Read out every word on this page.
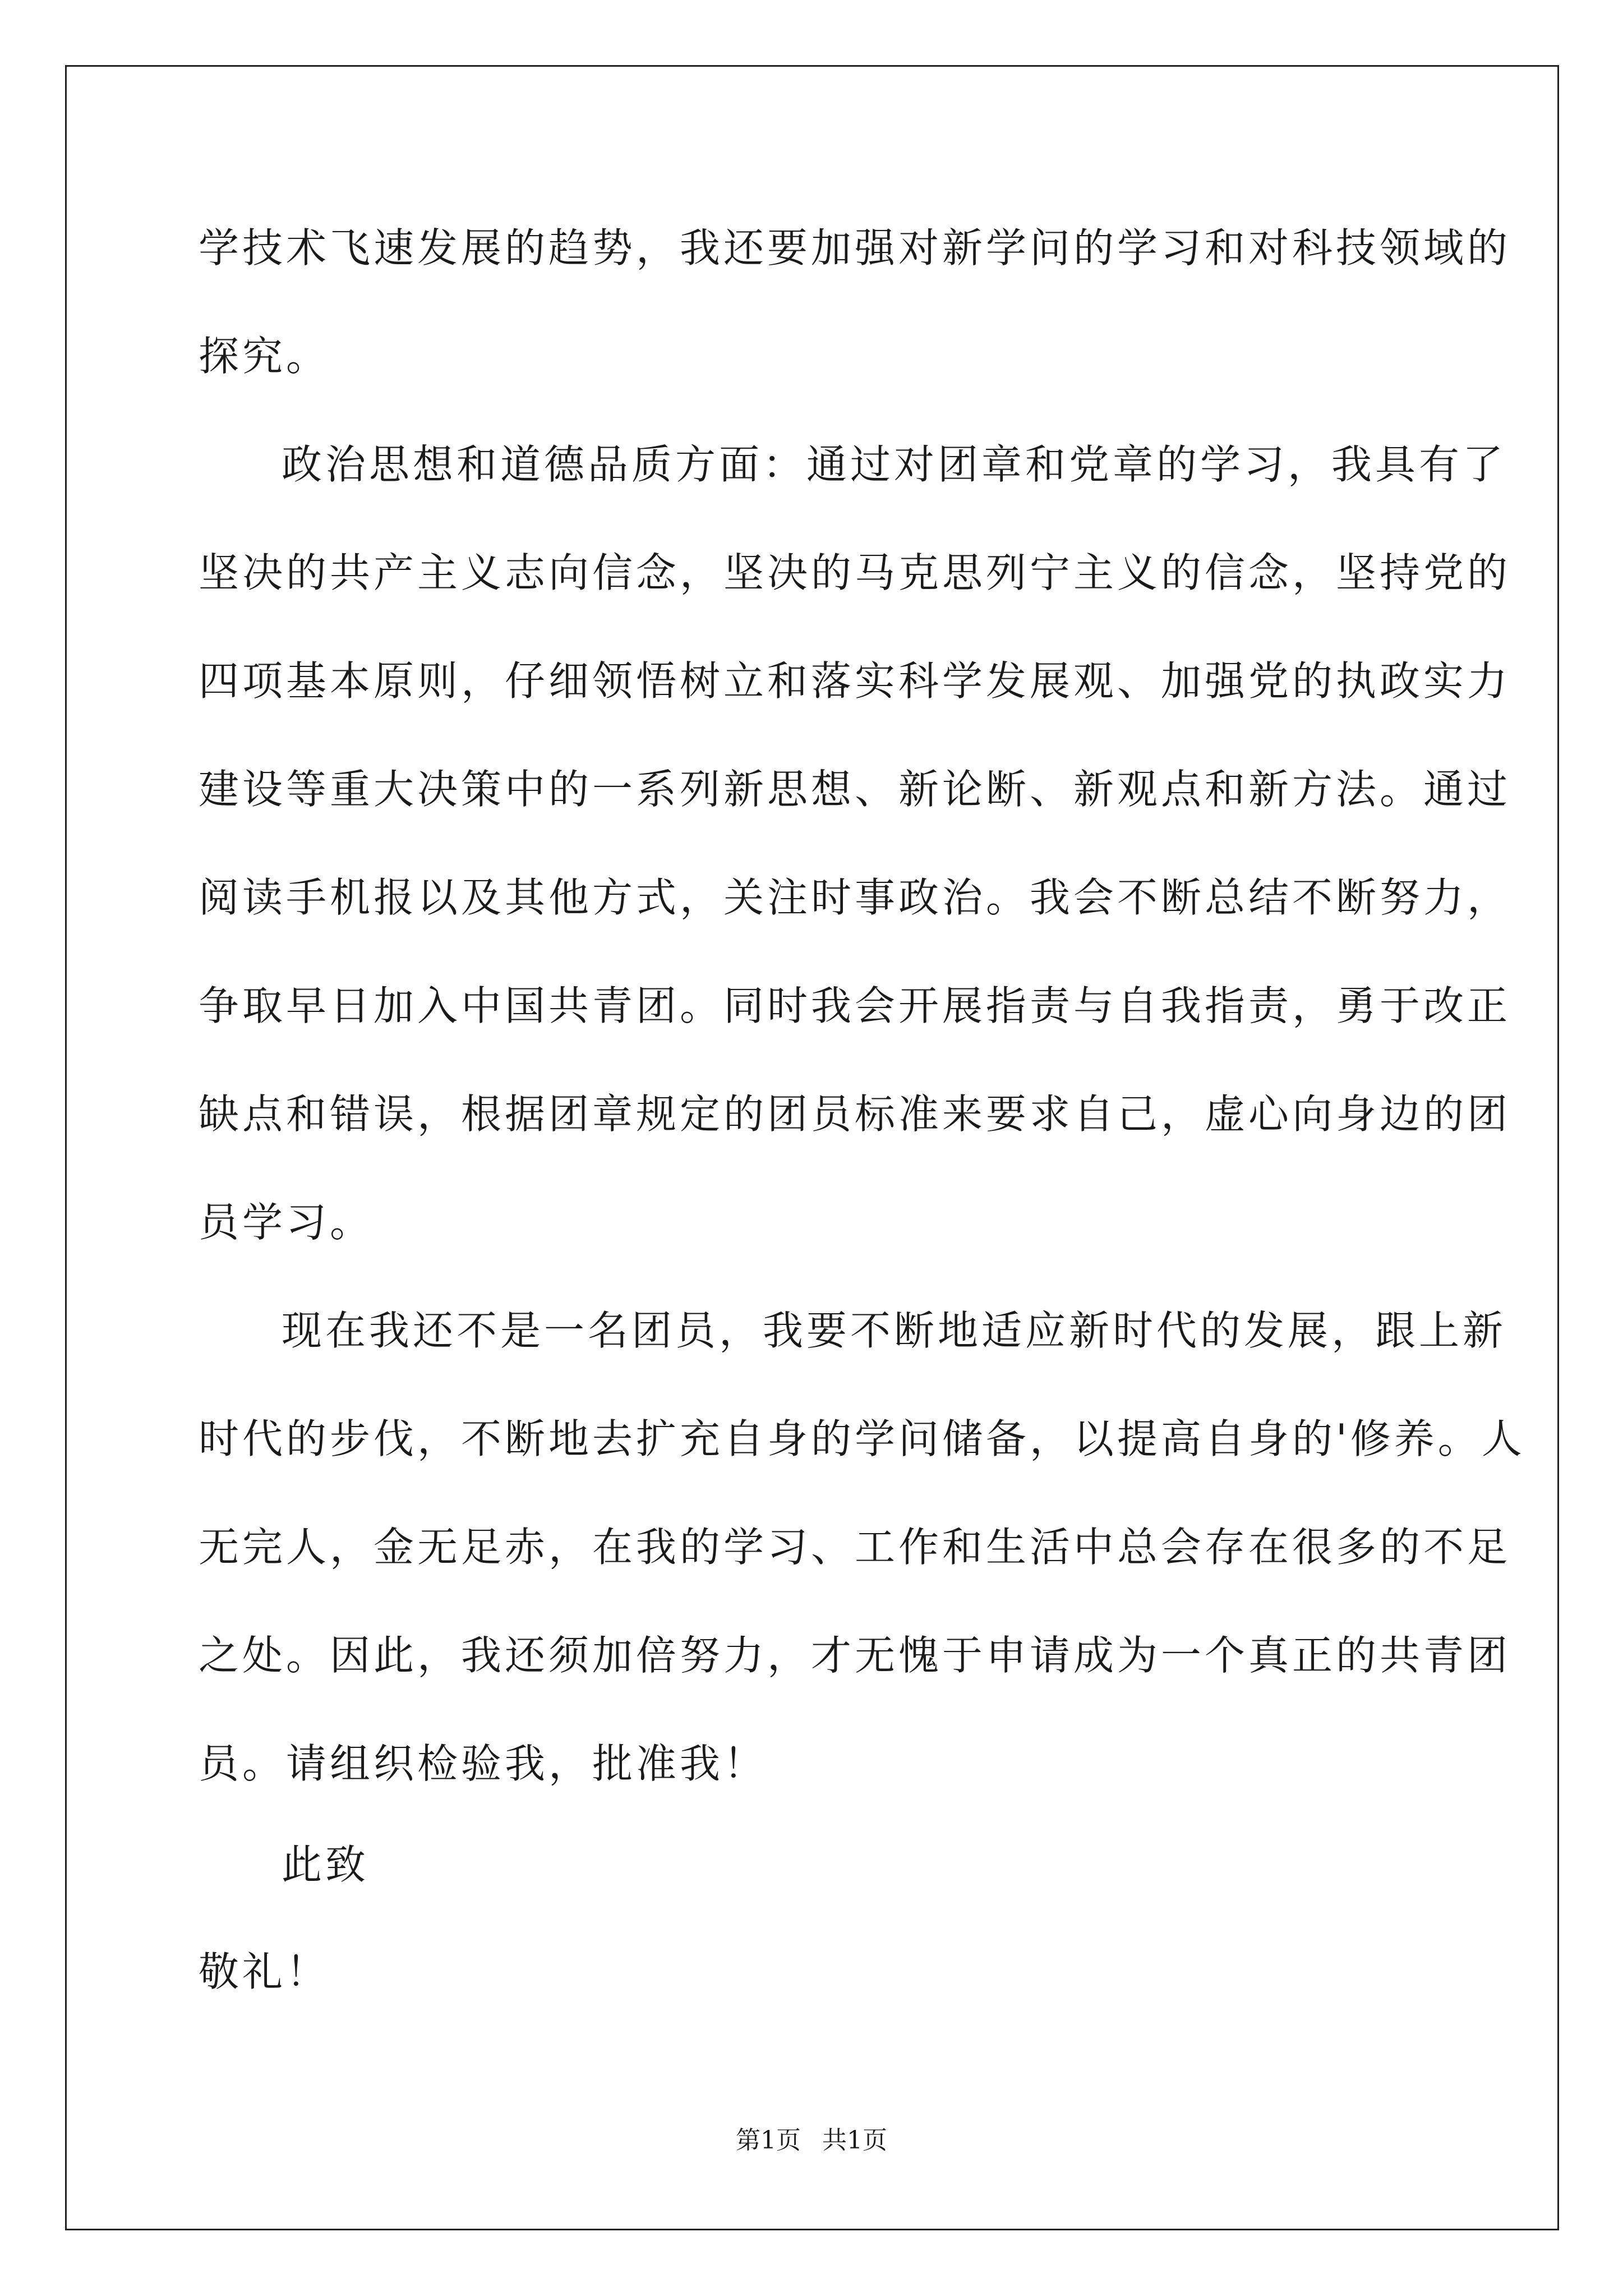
学技术飞速发展的趋势，我还要加强对新学问的学习和对科技领域的
探究。
政治思想和道德品质方面：通过对团章和党章的学习，我具有了
坚决的共产主义志向信念，坚决的马克思列宁主义的信念，坚持党的
四项基本原则，仔细领悟树立和落实科学发展观、加强党的执政实力
建设等重大决策中的一系列新思想、新论断、新观点和新方法。通过
阅读手机报以及其他方式，关注时事政治。我会不断总结不断努力，
争取早日加入中国共青团。同时我会开展指责与自我指责，勇于改正
缺点和错误，根据团章规定的团员标准来要求自己，虚心向身边的团
员学习。
现在我还不是一名团员，我要不断地适应新时代的发展，跟上新
时代的步伐，不断地去扩充自身的学问储备，以提高自身的'修养。人
无完人，金无足赤，在我的学习、工作和生活中总会存在很多的不足
之处。因此，我还须加倍努力，才无愧于申请成为一个真正的共青团
员。请组织检验我，批准我！
此致
敬礼！
第1页 共1页
